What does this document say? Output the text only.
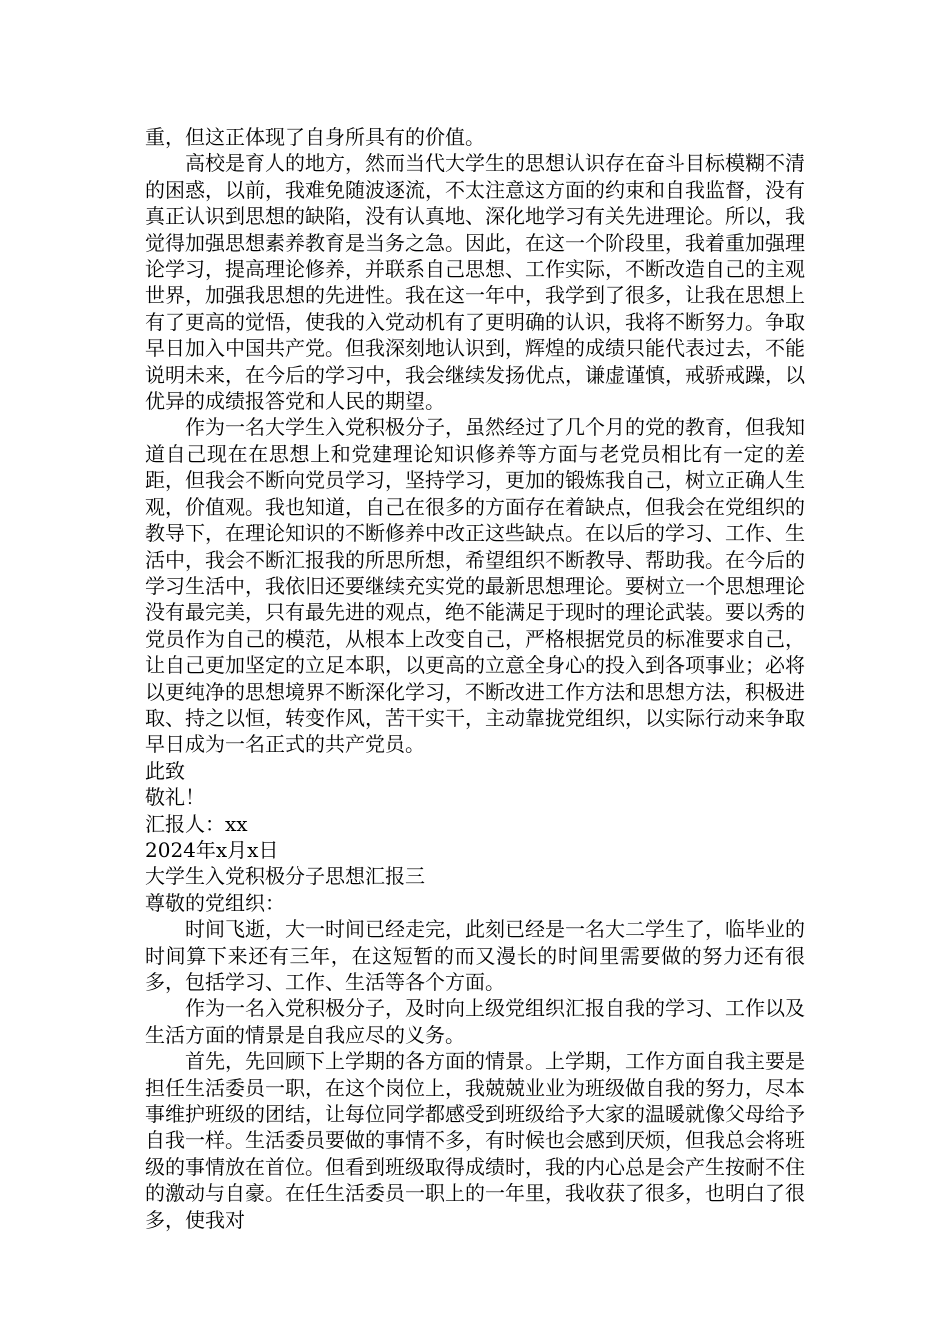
重，但这正体现了自身所具有的价值。

高校是育人的地方，然而当代大学生的思想认识存在奋斗目标模糊不清的困惑，以前，我难免随波逐流，不太注意这方面的约束和自我监督，没有真正认识到思想的缺陷，没有认真地、深化地学习有关先进理论。所以，我觉得加强思想素养教育是当务之急。因此，在这一个阶段里，我着重加强理论学习，提高理论修养，并联系自己思想、工作实际，不断改造自己的主观世界，加强我思想的先进性。我在这一年中，我学到了很多，让我在思想上有了更高的觉悟，使我的入党动机有了更明确的认识，我将不断努力。争取早日加入中国共产党。但我深刻地认识到，辉煌的成绩只能代表过去，不能说明未来，在今后的学习中，我会继续发扬优点，谦虚谨慎，戒骄戒躁，以优异的成绩报答党和人民的期望。

作为一名大学生入党积极分子，虽然经过了几个月的党的教育，但我知道自己现在在思想上和党建理论知识修养等方面与老党员相比有一定的差距，但我会不断向党员学习，坚持学习，更加的锻炼我自己，树立正确人生观，价值观。我也知道，自己在很多的方面存在着缺点，但我会在党组织的教导下，在理论知识的不断修养中改正这些缺点。在以后的学习、工作、生活中，我会不断汇报我的所思所想，希望组织不断教导、帮助我。在今后的学习生活中，我依旧还要继续充实党的最新思想理论。要树立一个思想理论没有最完美，只有最先进的观点，绝不能满足于现时的理论武装。要以秀的党员作为自己的模范，从根本上改变自己，严格根据党员的标准要求自己，让自己更加坚定的立足本职，以更高的立意全身心的投入到各项事业；必将以更纯净的思想境界不断深化学习，不断改进工作方法和思想方法，积极进取、持之以恒，转变作风，苦干实干，主动靠拢党组织，以实际行动来争取早日成为一名正式的共产党员。

此致

敬礼！

汇报人：xx

2024年x月x日

大学生入党积极分子思想汇报三

尊敬的党组织：

时间飞逝，大一时间已经走完，此刻已经是一名大二学生了，临毕业的时间算下来还有三年，在这短暂的而又漫长的时间里需要做的努力还有很多，包括学习、工作、生活等各个方面。

作为一名入党积极分子，及时向上级党组织汇报自我的学习、工作以及生活方面的情景是自我应尽的义务。

首先，先回顾下上学期的各方面的情景。上学期，工作方面自我主要是担任生活委员一职，在这个岗位上，我兢兢业业为班级做自我的努力，尽本事维护班级的团结，让每位同学都感受到班级给予大家的温暖就像父母给予自我一样。生活委员要做的事情不多，有时候也会感到厌烦，但我总会将班级的事情放在首位。但看到班级取得成绩时，我的内心总是会产生按耐不住的激动与自豪。在任生活委员一职上的一年里，我收获了很多，也明白了很多，使我对
